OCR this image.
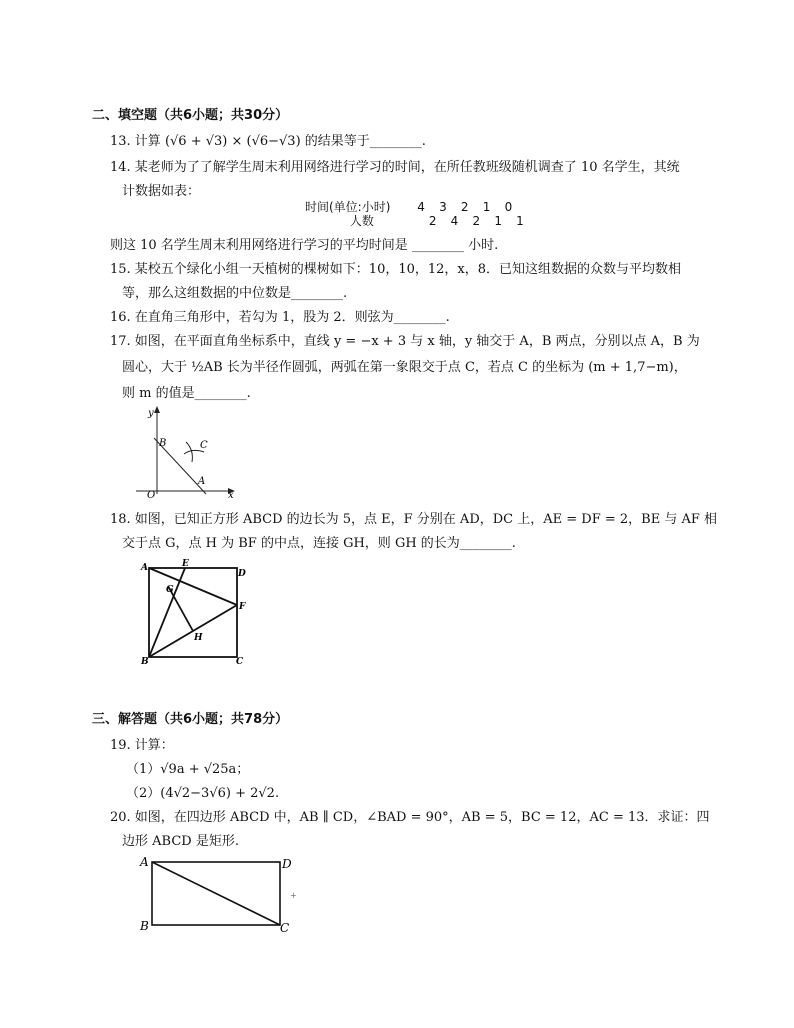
二、填空题（共6小题；共30分）
13. 计算 (√6 + √3) × (√6−√3) 的结果等于________.
14. 某老师为了了解学生周末利用网络进行学习的时间，在所任教班级随机调查了 10 名学生，其统
计数据如表：
时间(单位:小时) 4 3 2 1 0
人数	2 4 2 1 1
则这 10 名学生周末利用网络进行学习的平均时间是 ________ 小时.
15. 某校五个绿化小组一天植树的棵树如下：10，10，12，x，8．已知这组数据的众数与平均数相
等，那么这组数据的中位数是________.
16. 在直角三角形中，若勾为 1，股为 2．则弦为________.
17. 如图，在平面直角坐标系中，直线 y = −x + 3 与 x 轴，y 轴交于 A，B 两点，分别以点 A，B 为
圆心，大于 ½AB 长为半径作圆弧，两弧在第一象限交于点 C，若点 C 的坐标为 (m + 1,7−m)，
则 m 的值是________.
y
x
O
A
B	C
18. 如图，已知正方形 ABCD 的边长为 5，点 E，F 分别在 AD，DC 上，AE = DF = 2，BE 与 AF 相
交于点 G，点 H 为 BF 的中点，连接 GH，则 GH 的长为________.
A
B	C
D
E
F
G
H
三、解答题（共6小题；共78分）
19. 计算：
（1）√9a + √25a；
（2）(4√2−3√6) + 2√2.
20. 如图，在四边形 ABCD 中，AB ∥ CD，∠BAD = 90°，AB = 5，BC = 12，AC = 13．求证：四
边形 ABCD 是矩形.
A
B	C
D
+
